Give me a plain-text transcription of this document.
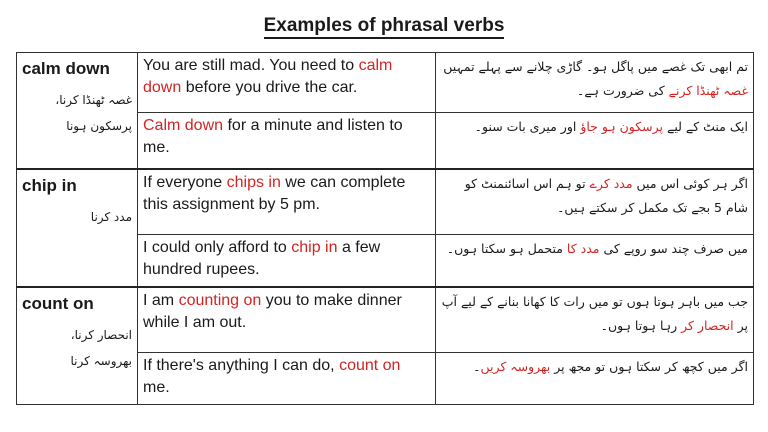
Examples of phrasal verbs
calm down
غصہ ٹھنڈا کرنا،
پرسکون ہونا	You are still mad. You need to calm down before you drive the car.	تم ابھی تک غصے میں پاگل ہو۔ گاڑی چلانے سے پہلے تمہیں غصہ ٹھنڈا کرنے کی ضرورت ہے۔
	Calm down for a minute and listen to me.	ایک منٹ کے لیے پرسکون ہو جاؤ اور میری بات سنو۔

chip in
مدد کرنا	If everyone chips in we can complete this assignment by 5 pm.	اگر ہر کوئی اس میں مدد کرے تو ہم اس اسائنمنٹ کو شام 5 بجے تک مکمل کر سکتے ہیں۔
	I could only afford to chip in a few hundred rupees.	میں صرف چند سو روپے کی مدد کا متحمل ہو سکتا ہوں۔

count on
انحصار کرنا،
بھروسہ کرنا	I am counting on you to make dinner while I am out.	جب میں باہر ہوتا ہوں تو میں رات کا کھانا بنانے کے لیے آپ پر انحصار کر رہا ہوتا ہوں۔
	If there's anything I can do, count on me.	اگر میں کچھ کر سکتا ہوں تو مجھ پر بھروسہ کریں۔
